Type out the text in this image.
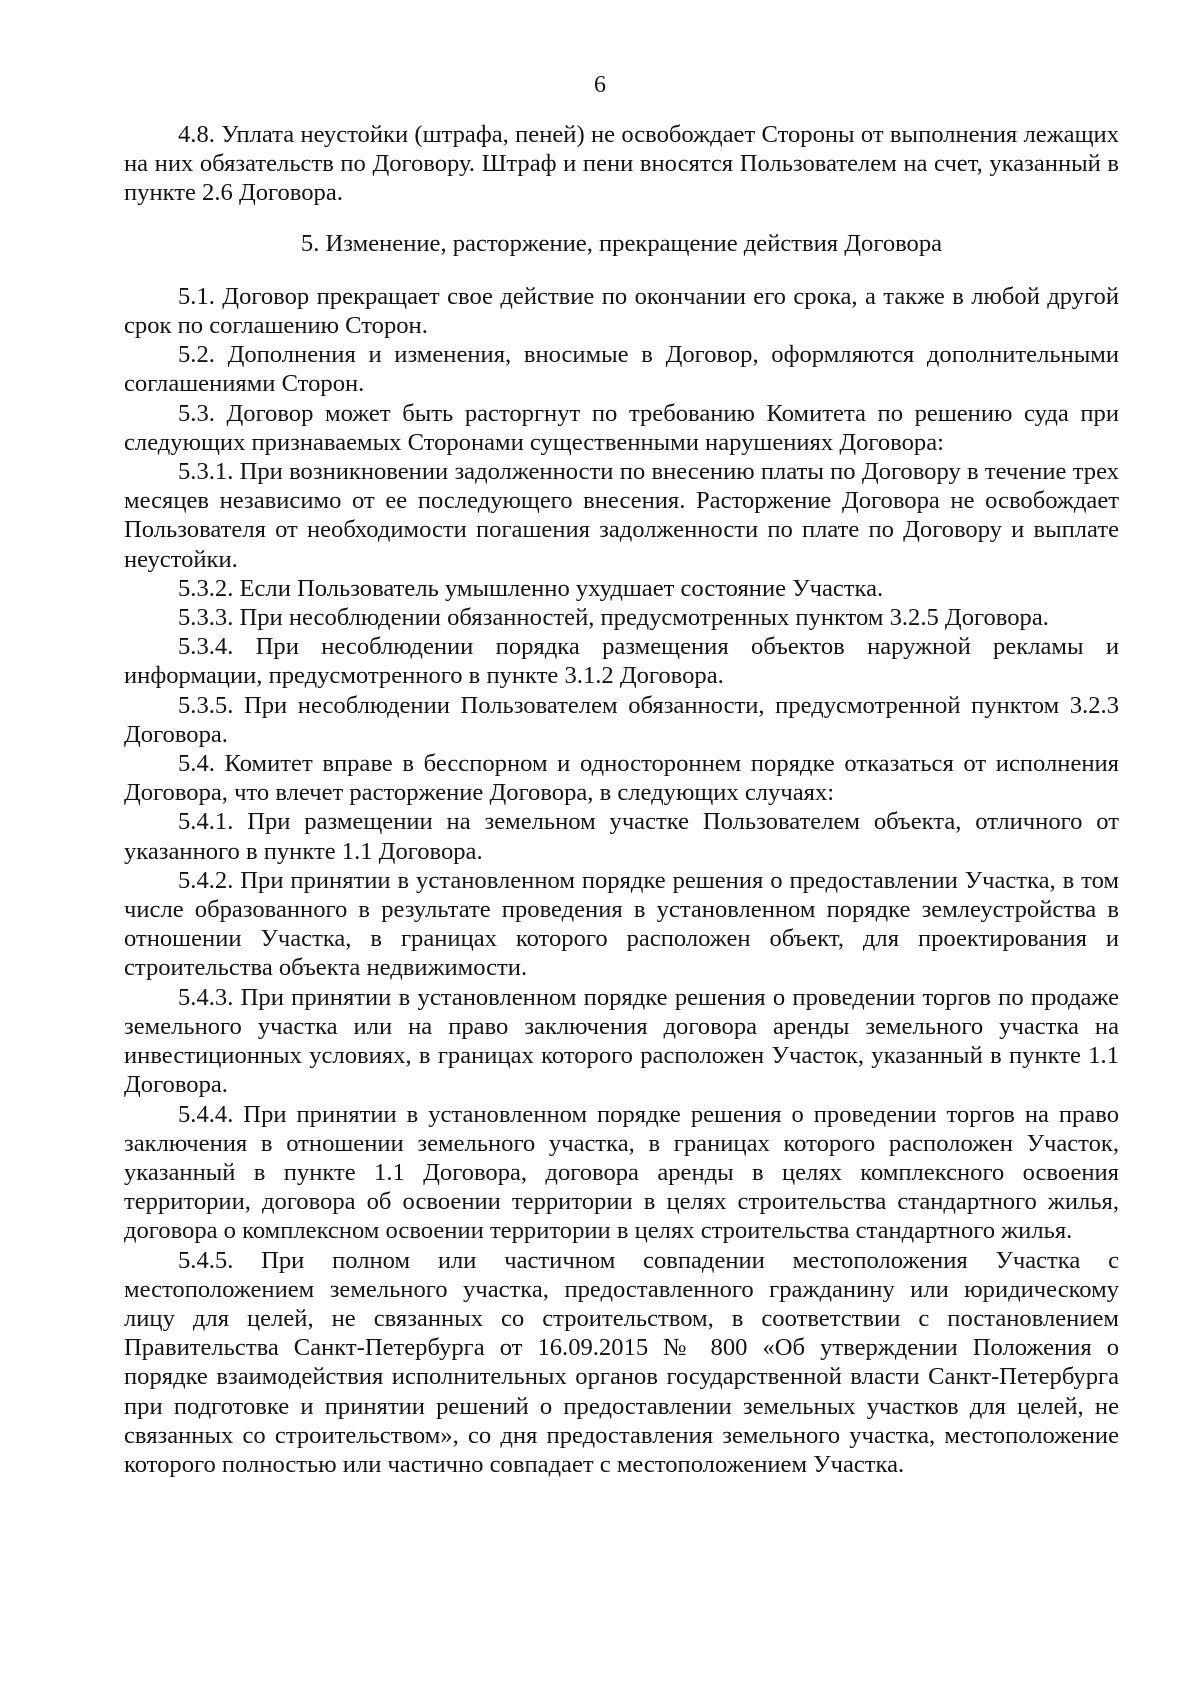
6

4.8. Уплата неустойки (штрафа, пеней) не освобождает Стороны от выполнения лежащих на них обязательств по Договору. Штраф и пени вносятся Пользователем на счет, указанный в пункте 2.6 Договора.

5. Изменение, расторжение, прекращение действия Договора

5.1. Договор прекращает свое действие по окончании его срока, а также в любой другой срок по соглашению Сторон.

5.2. Дополнения и изменения, вносимые в Договор, оформляются дополнительными соглашениями Сторон.

5.3. Договор может быть расторгнут по требованию Комитета по решению суда при следующих признаваемых Сторонами существенными нарушениях Договора:

5.3.1. При возникновении задолженности по внесению платы по Договору в течение трех месяцев независимо от ее последующего внесения. Расторжение Договора не освобождает Пользователя от необходимости погашения задолженности по плате по Договору и выплате неустойки.

5.3.2. Если Пользователь умышленно ухудшает состояние Участка.

5.3.3. При несоблюдении обязанностей, предусмотренных пунктом 3.2.5 Договора.

5.3.4. При несоблюдении порядка размещения объектов наружной рекламы и информации, предусмотренного в пункте 3.1.2 Договора.

5.3.5. При несоблюдении Пользователем обязанности, предусмотренной пунктом 3.2.3 Договора.

5.4. Комитет вправе в бесспорном и одностороннем порядке отказаться от исполнения Договора, что влечет расторжение Договора, в следующих случаях:

5.4.1. При размещении на земельном участке Пользователем объекта, отличного от указанного в пункте 1.1 Договора.

5.4.2. При принятии в установленном порядке решения о предоставлении Участка, в том числе образованного в результате проведения в установленном порядке землеустройства в отношении Участка, в границах которого расположен объект, для проектирования и строительства объекта недвижимости.

5.4.3. При принятии в установленном порядке решения о проведении торгов по продаже земельного участка или на право заключения договора аренды земельного участка на инвестиционных условиях, в границах которого расположен Участок, указанный в пункте 1.1 Договора.

5.4.4. При принятии в установленном порядке решения о проведении торгов на право заключения в отношении земельного участка, в границах которого расположен Участок, указанный в пункте 1.1 Договора, договора аренды в целях комплексного освоения территории, договора об освоении территории в целях строительства стандартного жилья, договора о комплексном освоении территории в целях строительства стандартного жилья.

5.4.5. При полном или частичном совпадении местоположения Участка с местоположением земельного участка, предоставленного гражданину или юридическому лицу для целей, не связанных со строительством, в соответствии с постановлением Правительства Санкт-Петербурга от 16.09.2015 № 800 «Об утверждении Положения о порядке взаимодействия исполнительных органов государственной власти Санкт-Петербурга при подготовке и принятии решений о предоставлении земельных участков для целей, не связанных со строительством», со дня предоставления земельного участка, местоположение которого полностью или частично совпадает с местоположением Участка.
